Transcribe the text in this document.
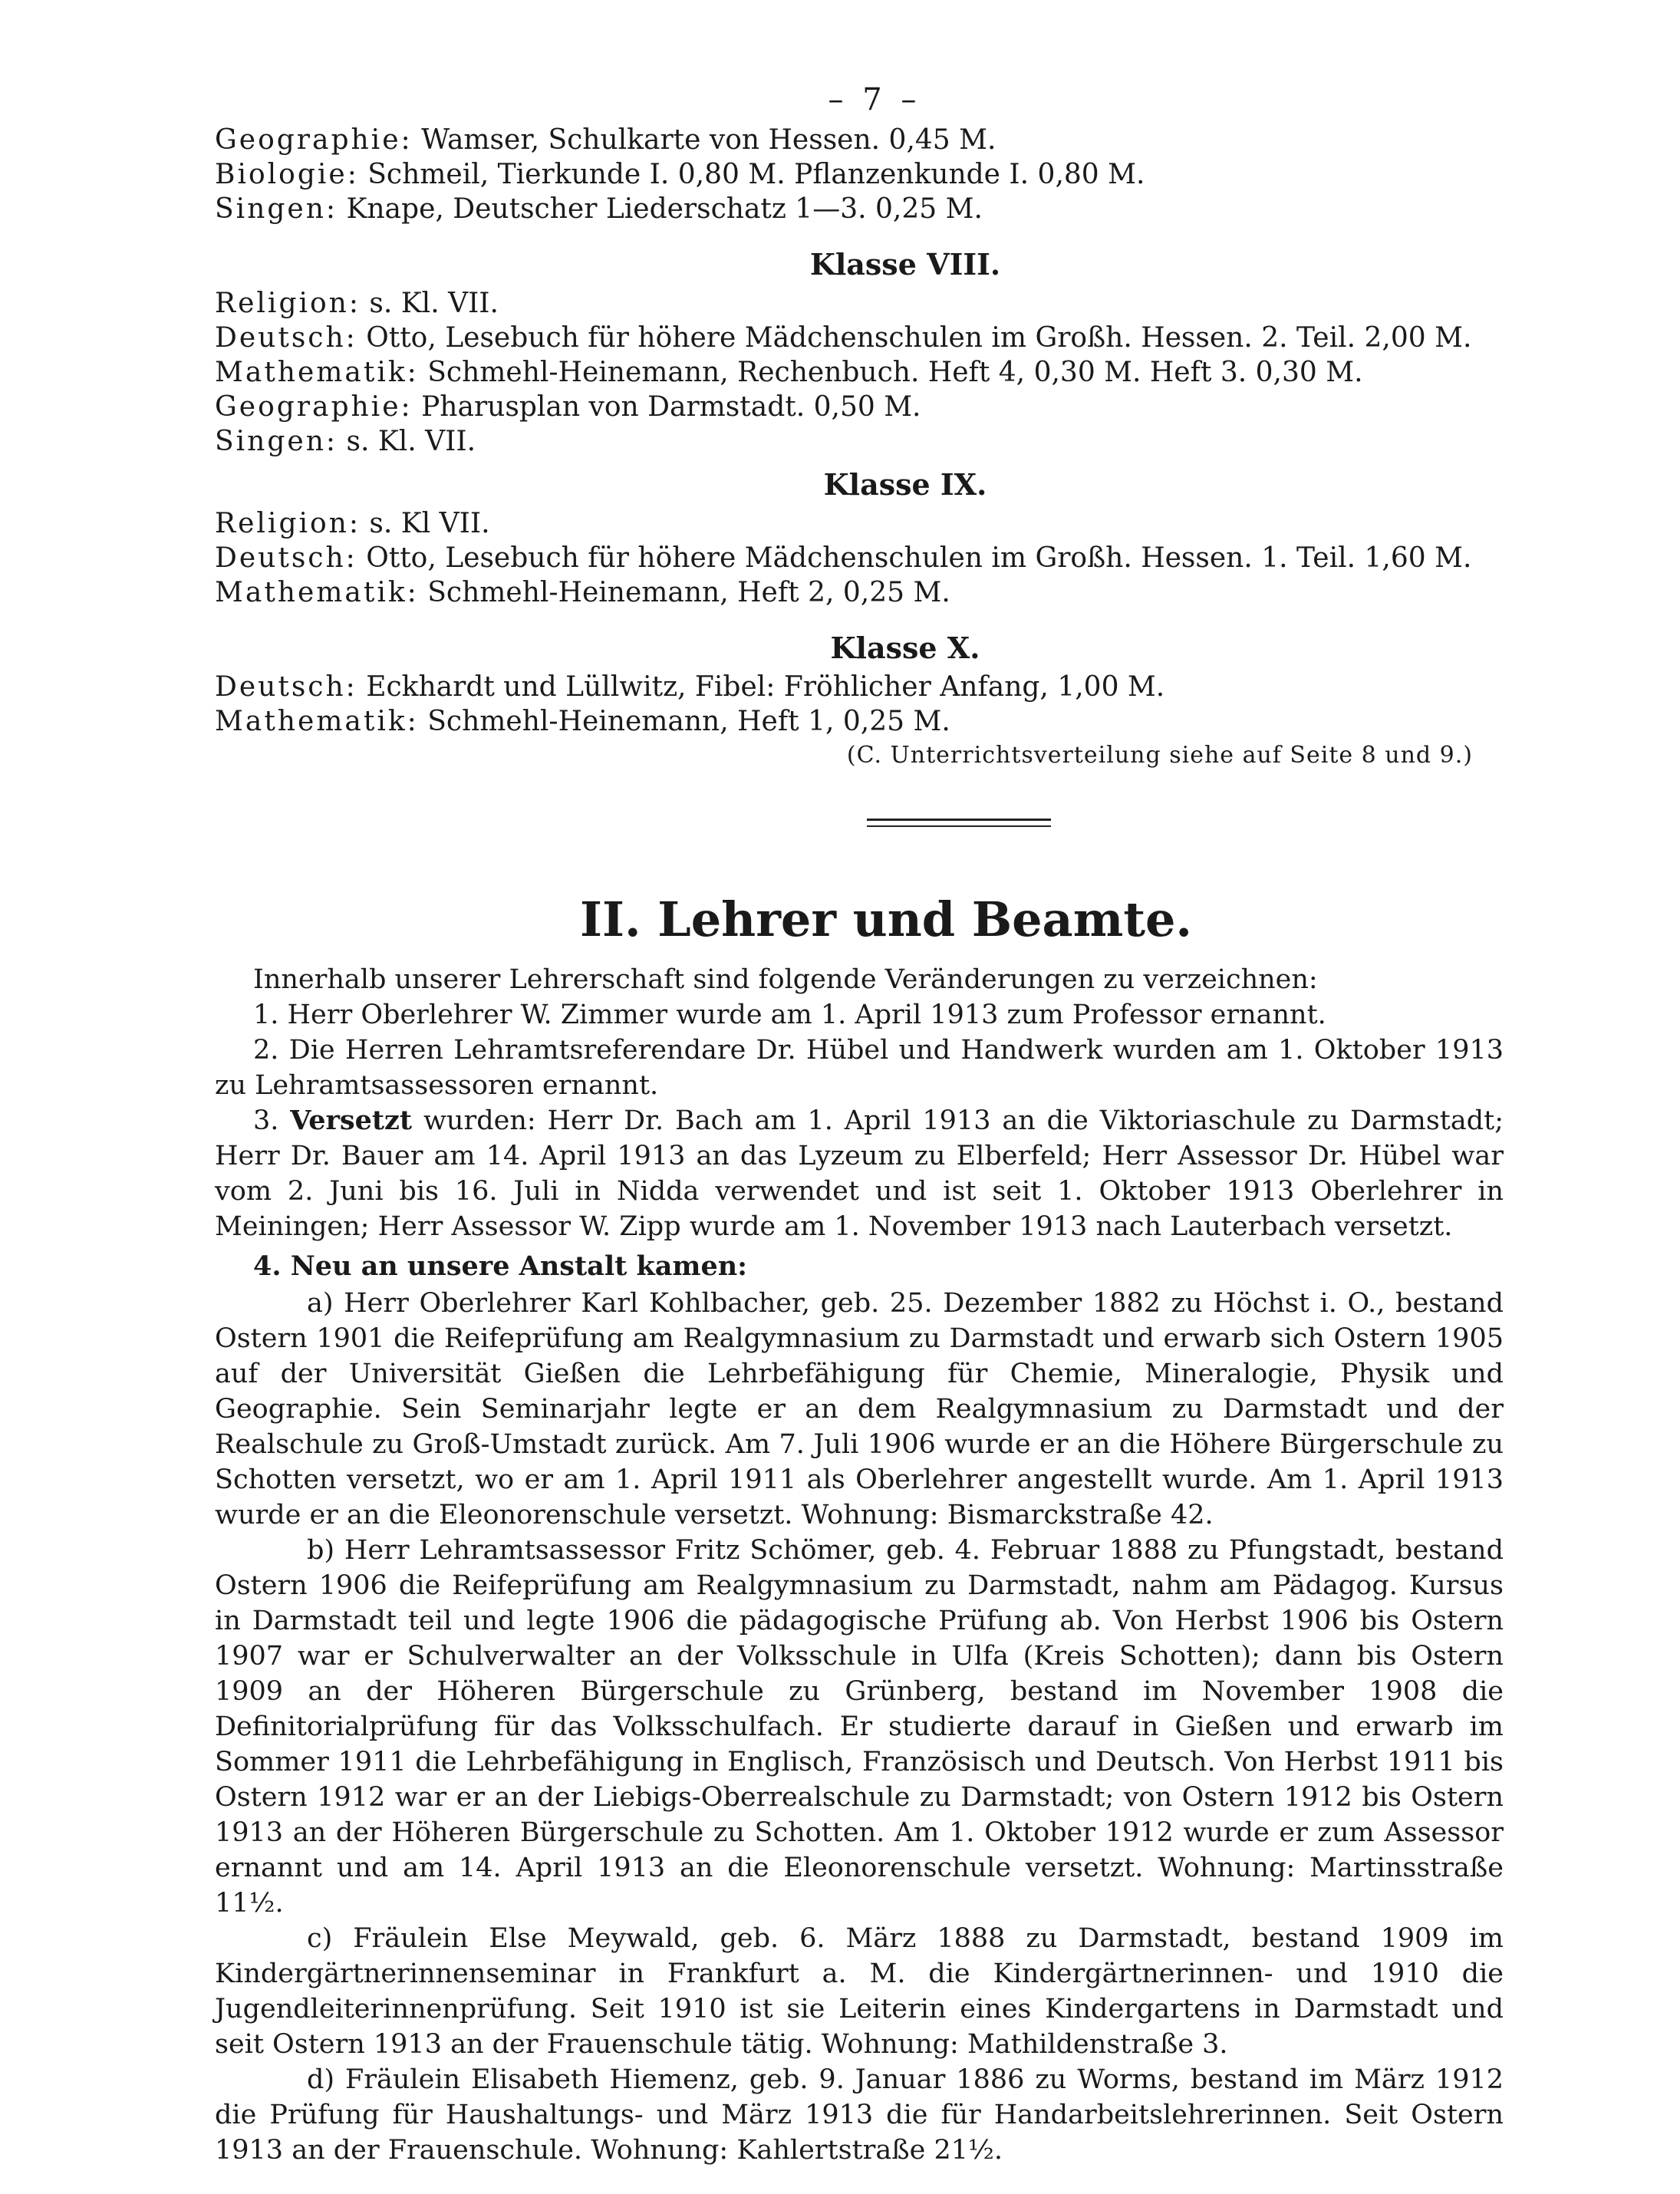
– 7 –
Geographie: Wamser, Schulkarte von Hessen. 0,45 M.
Biologie: Schmeil, Tierkunde I. 0,80 M. Pflanzenkunde I. 0,80 M.
Singen: Knape, Deutscher Liederschatz 1—3. 0,25 M.
Klasse VIII.
Religion: s. Kl. VII.
Deutsch: Otto, Lesebuch für höhere Mädchenschulen im Großh. Hessen. 2. Teil. 2,00 M.
Mathematik: Schmehl-Heinemann, Rechenbuch. Heft 4, 0,30 M. Heft 3. 0,30 M.
Geographie: Pharusplan von Darmstadt. 0,50 M.
Singen: s. Kl. VII.
Klasse IX.
Religion: s. Kl VII.
Deutsch: Otto, Lesebuch für höhere Mädchenschulen im Großh. Hessen. 1. Teil. 1,60 M.
Mathematik: Schmehl-Heinemann, Heft 2, 0,25 M.
Klasse X.
Deutsch: Eckhardt und Lüllwitz, Fibel: Fröhlicher Anfang, 1,00 M.
Mathematik: Schmehl-Heinemann, Heft 1, 0,25 M.
(C. Unterrichtsverteilung siehe auf Seite 8 und 9.)
II. Lehrer und Beamte.
Innerhalb unserer Lehrerschaft sind folgende Veränderungen zu verzeichnen:
1. Herr Oberlehrer W. Zimmer wurde am 1. April 1913 zum Professor ernannt.
2. Die Herren Lehramtsreferendare Dr. Hübel und Handwerk wurden am 1. Oktober 1913 zu Lehramtsassessoren ernannt.
3. Versetzt wurden: Herr Dr. Bach am 1. April 1913 an die Viktoriaschule zu Darmstadt; Herr Dr. Bauer am 14. April 1913 an das Lyzeum zu Elberfeld; Herr Assessor Dr. Hübel war vom 2. Juni bis 16. Juli in Nidda verwendet und ist seit 1. Oktober 1913 Oberlehrer in Meiningen; Herr Assessor W. Zipp wurde am 1. November 1913 nach Lauterbach versetzt.
4. Neu an unsere Anstalt kamen:
a) Herr Oberlehrer Karl Kohlbacher, geb. 25. Dezember 1882 zu Höchst i. O., bestand Ostern 1901 die Reifeprüfung am Realgymnasium zu Darmstadt und erwarb sich Ostern 1905 auf der Universität Gießen die Lehrbefähigung für Chemie, Mineralogie, Physik und Geographie. Sein Seminarjahr legte er an dem Realgymnasium zu Darmstadt und der Realschule zu Groß-Umstadt zurück. Am 7. Juli 1906 wurde er an die Höhere Bürgerschule zu Schotten versetzt, wo er am 1. April 1911 als Oberlehrer angestellt wurde. Am 1. April 1913 wurde er an die Eleonorenschule versetzt. Wohnung: Bismarckstraße 42.
b) Herr Lehramtsassessor Fritz Schömer, geb. 4. Februar 1888 zu Pfungstadt, bestand Ostern 1906 die Reifeprüfung am Realgymnasium zu Darmstadt, nahm am Pädagog. Kursus in Darmstadt teil und legte 1906 die pädagogische Prüfung ab. Von Herbst 1906 bis Ostern 1907 war er Schulverwalter an der Volksschule in Ulfa (Kreis Schotten); dann bis Ostern 1909 an der Höheren Bürgerschule zu Grünberg, bestand im November 1908 die Definitorialprüfung für das Volksschulfach. Er studierte darauf in Gießen und erwarb im Sommer 1911 die Lehrbefähigung in Englisch, Französisch und Deutsch. Von Herbst 1911 bis Ostern 1912 war er an der Liebigs-Oberrealschule zu Darmstadt; von Ostern 1912 bis Ostern 1913 an der Höheren Bürgerschule zu Schotten. Am 1. Oktober 1912 wurde er zum Assessor ernannt und am 14. April 1913 an die Eleonorenschule versetzt. Wohnung: Martinsstraße 11½.
c) Fräulein Else Meywald, geb. 6. März 1888 zu Darmstadt, bestand 1909 im Kindergärtnerinnenseminar in Frankfurt a. M. die Kindergärtnerinnen- und 1910 die Jugendleiterinnenprüfung. Seit 1910 ist sie Leiterin eines Kindergartens in Darmstadt und seit Ostern 1913 an der Frauenschule tätig. Wohnung: Mathildenstraße 3.
d) Fräulein Elisabeth Hiemenz, geb. 9. Januar 1886 zu Worms, bestand im März 1912 die Prüfung für Haushaltungs- und März 1913 die für Handarbeitslehrerinnen. Seit Ostern 1913 an der Frauenschule. Wohnung: Kahlertstraße 21½.
